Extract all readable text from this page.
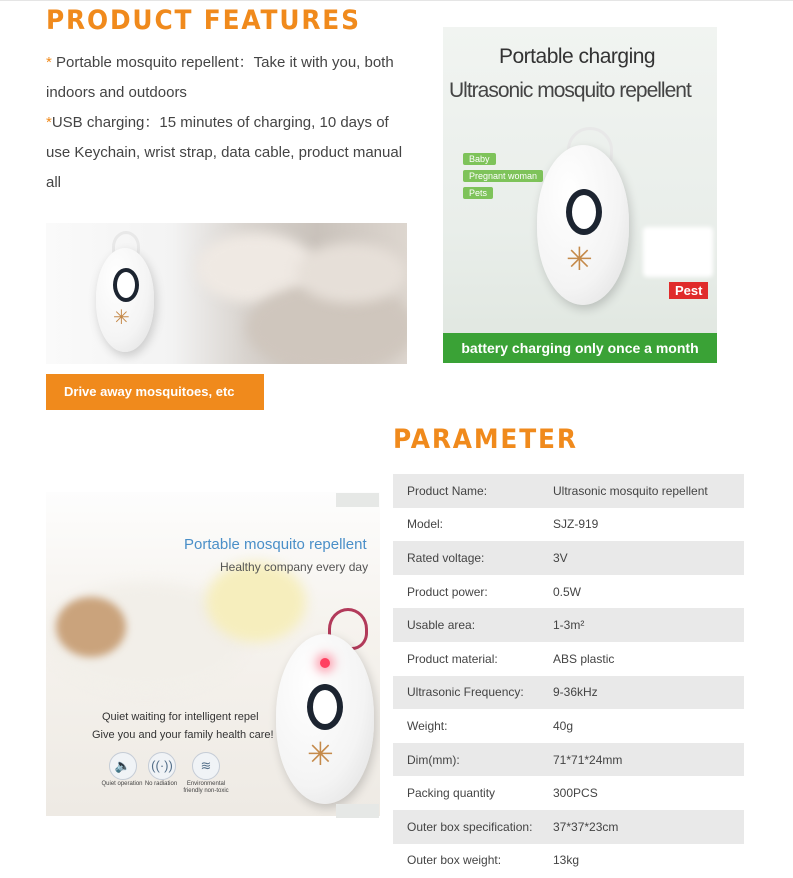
PRODUCT FEATURES
* Portable mosquito repellent：Take it with you, both indoors and outdoors
*USB charging：15 minutes of charging, 10 days of use Keychain, wrist strap, data cable, product manual all
✳
Drive away mosquitoes, etc
Portable charging
Ultrasonic mosquito repellent
Baby
Pregnant woman
Pets
✳
Pest
battery charging only once a month
Portable mosquito repellent
Healthy company every day
Quiet waiting for intelligent repel
Give you and your family health care!
🔈	((·))	≋
Quiet operation No radiation	Environmental friendly non-toxic
✳
PARAMETER
Product Name:	Ultrasonic mosquito repellent
Model:	SJZ-919
Rated voltage:	3V
Product power:	0.5W
Usable area:	1-3m²
Product material:	ABS plastic
Ultrasonic Frequency:	9-36kHz
Weight:	40g
Dim(mm):	71*71*24mm
Packing quantity	300PCS
Outer box specification:	37*37*23cm
Outer box weight:	13kg
